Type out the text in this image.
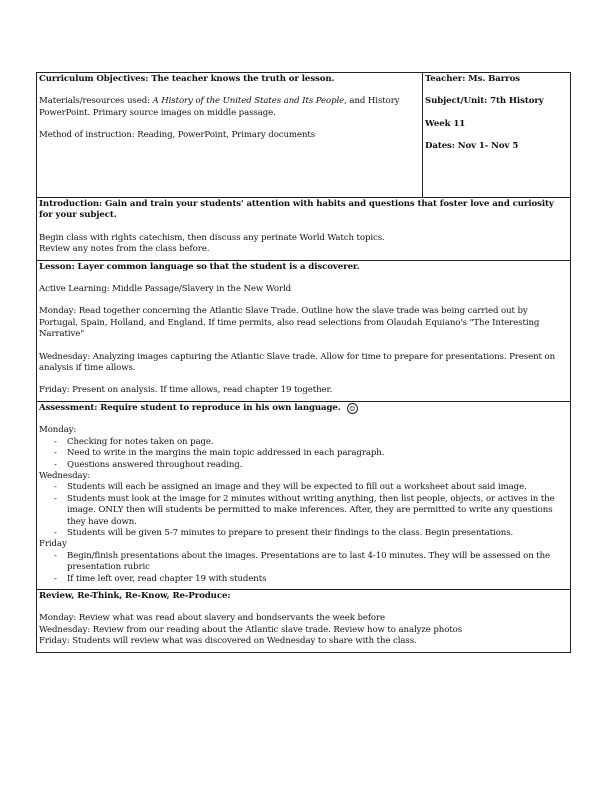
Curriculum Objectives: The teacher knows the truth or lesson.
Materials/resources used: A History of the United States and Its People, and History PowerPoint. Primary source images on middle passage.
Method of instruction: Reading, PowerPoint, Primary documents

Teacher: Ms. Barros

Subject/Unit: 7th History

Week 11

Dates: Nov 1- Nov 5

Introduction: Gain and train your students' attention with habits and questions that foster love and curiosity for your subject.
Begin class with rights catechism, then discuss any perinate World Watch topics.
Review any notes from the class before.

Lesson: Layer common language so that the student is a discoverer.
Active Learning: Middle Passage/Slavery in the New World
Monday: Read together concerning the Atlantic Slave Trade. Outline how the slave trade was being carried out by Portugal, Spain, Holland, and England. If time permits, also read selections from Olaudah Equiano's "The Interesting Narrative"
Wednesday: Analyzing images capturing the Atlantic Slave trade. Allow for time to prepare for presentations. Present on analysis if time allows.
Friday: Present on analysis. If time allows, read chapter 19 together.

Assessment: Require student to reproduce in his own language. ☺
Monday:
- Checking for notes taken on page.
- Need to write in the margins the main topic addressed in each paragraph.
- Questions answered throughout reading.
Wednesday:
- Students will each be assigned an image and they will be expected to fill out a worksheet about said image.
- Students must look at the image for 2 minutes without writing anything, then list people, objects, or actives in the image. ONLY then will students be permitted to make inferences. After, they are permitted to write any questions they have down.
- Students will be given 5-7 minutes to prepare to present their findings to the class. Begin presentations.
Friday
- Begin/finish presentations about the images. Presentations are to last 4-10 minutes. They will be assessed on the presentation rubric
- If time left over, read chapter 19 with students

Review, Re-Think, Re-Know, Re-Produce:
Monday: Review what was read about slavery and bondservants the week before
Wednesday: Review from our reading about the Atlantic slave trade. Review how to analyze photos
Friday: Students will review what was discovered on Wednesday to share with the class.
